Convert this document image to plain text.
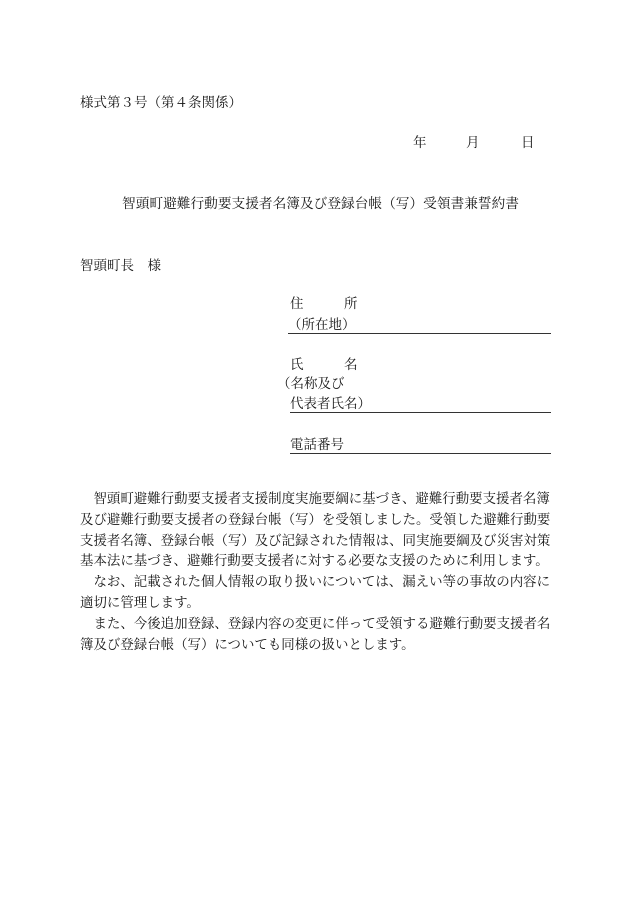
様式第３号（第４条関係）
年	月	日
智頭町避難行動要支援者名簿及び登録台帳（写）受領書兼誓約書
智頭町長　様
住　　所
（所在地）
氏　　名
（名称及び
代表者氏名）
電話番号
　智頭町避難行動要支援者支援制度実施要綱に基づき、避難行動要支援者名簿
及び避難行動要支援者の登録台帳（写）を受領しました。受領した避難行動要
支援者名簿、登録台帳（写）及び記録された情報は、同実施要綱及び災害対策
基本法に基づき、避難行動要支援者に対する必要な支援のために利用します。
　なお、記載された個人情報の取り扱いについては、漏えい等の事故の内容に
適切に管理します。
　また、今後追加登録、登録内容の変更に伴って受領する避難行動要支援者名
簿及び登録台帳（写）についても同様の扱いとします。
